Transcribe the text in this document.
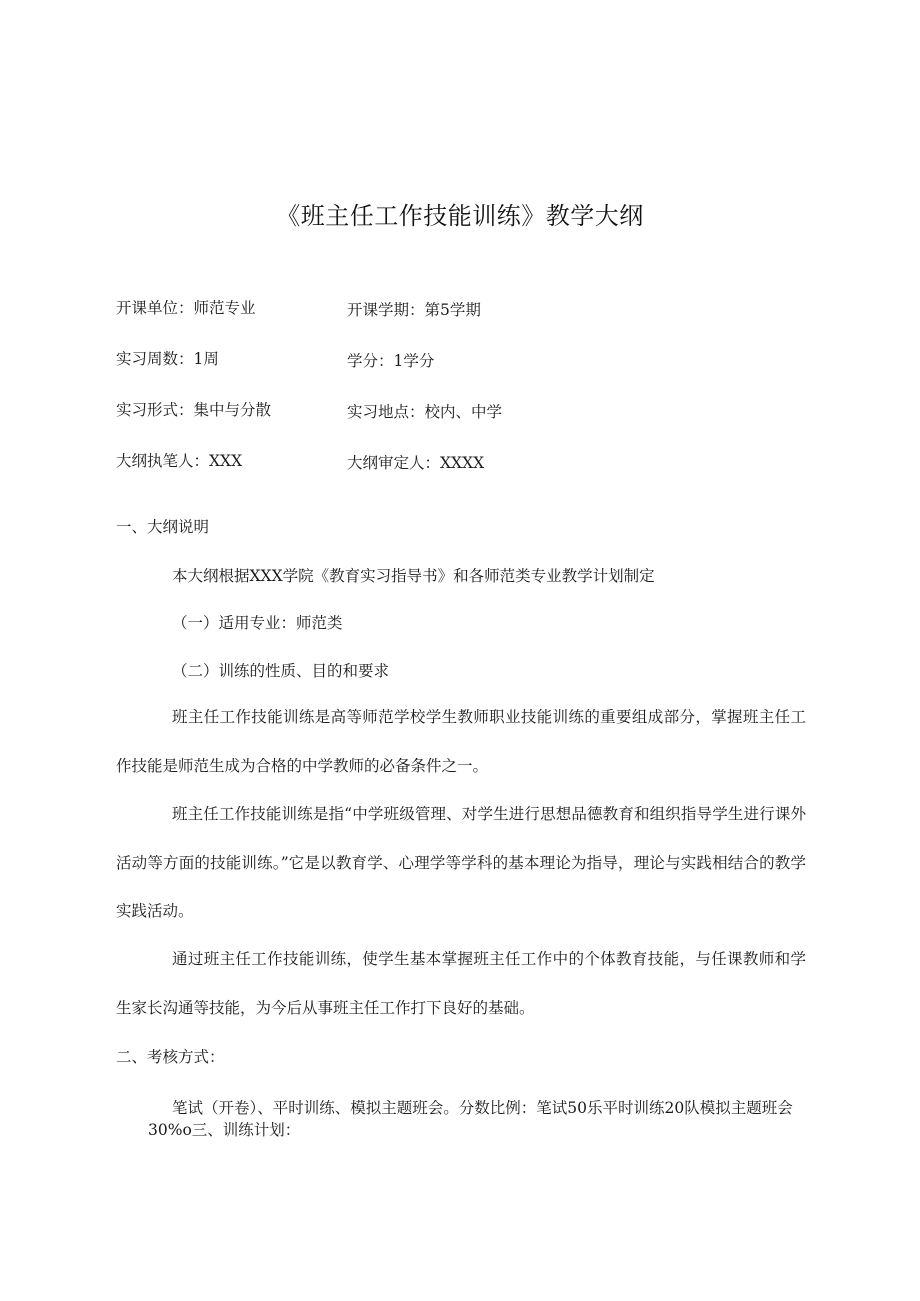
《班主任工作技能训练》教学大纲
开课单位：师范专业	开课学期：第5学期
实习周数：1周	学分：1学分
实习形式：集中与分散	实习地点：校内、中学
大纲执笔人：XXX	大纲审定人：XXXX
一、大纲说明
本大纲根据XXX学院《教育实习指导书》和各师范类专业教学计划制定
（一）适用专业：师范类
（二）训练的性质、目的和要求
班主任工作技能训练是高等师范学校学生教师职业技能训练的重要组成部分，掌握班主任工作技能是师范生成为合格的中学教师的必备条件之一。
班主任工作技能训练是指“中学班级管理、对学生进行思想品德教育和组织指导学生进行课外活动等方面的技能训练。”它是以教育学、心理学等学科的基本理论为指导，理论与实践相结合的教学实践活动。
通过班主任工作技能训练，使学生基本掌握班主任工作中的个体教育技能，与任课教师和学生家长沟通等技能，为今后从事班主任工作打下良好的基础。
二、考核方式：
笔试（开卷）、平时训练、模拟主题班会。分数比例：笔试50乐平时训练20队模拟主题班会30%o三、训练计划：
